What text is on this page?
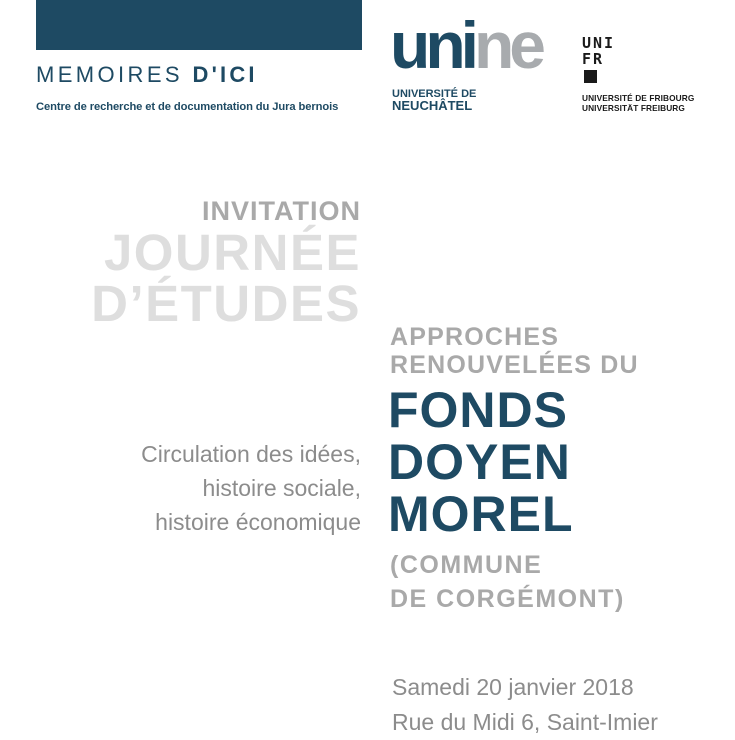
MEMOIRES D'ICI
Centre de recherche et de documentation du Jura bernois
unine
UNIVERSITÉ DE
NEUCHÂTEL
UNI
FR
UNIVERSITÉ DE FRIBOURG
UNIVERSITÄT FREIBURG
INVITATION
JOURNÉE
D’ÉTUDES
Circulation des idées,
histoire sociale,
histoire économique
APPROCHES
RENOUVELÉES DU
FONDS
DOYEN
MOREL
(COMMUNE
DE CORGÉMONT)
Samedi 20 janvier 2018
Rue du Midi 6, Saint-Imier
